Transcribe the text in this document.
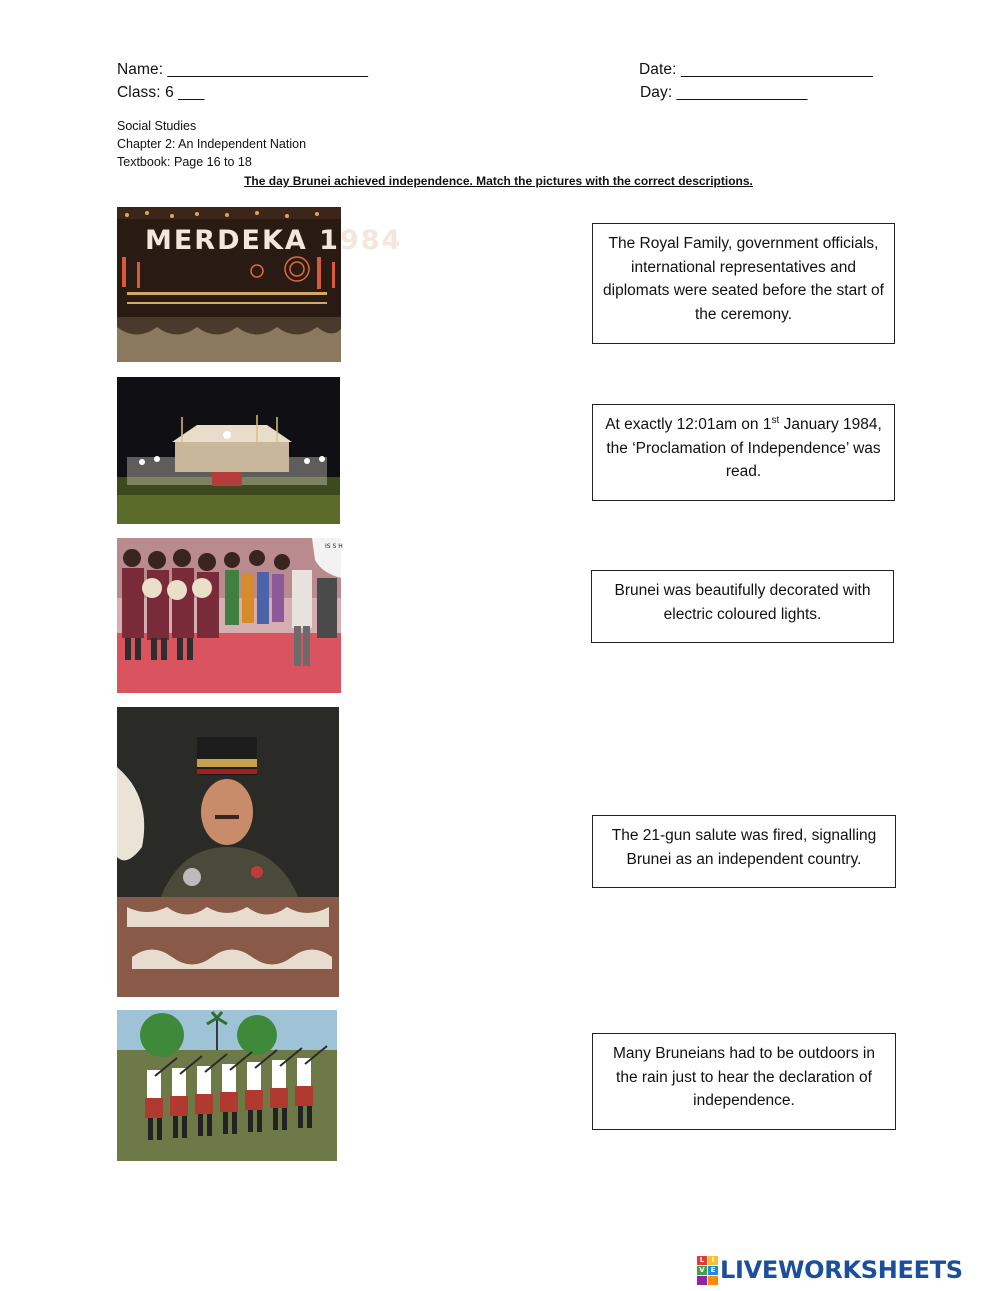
Name: _______________________	Date: ______________________
Class: 6 ___	Day: _______________
Social Studies
Chapter 2: An Independent Nation
Textbook: Page 16 to 18
The day Brunei achieved independence. Match the pictures with the correct descriptions.
MERDEKA 1984
IS S H
The Royal Family, government officials, international representatives and diplomats were seated before the start of the ceremony.
At exactly 12:01am on 1st January 1984, the ‘Proclamation of Independence’ was read.
Brunei was beautifully decorated with electric coloured lights.
The 21-gun salute was fired, signalling Brunei as an independent country.
Many Bruneians had to be outdoors in the rain just to hear the declaration of independence.
L	I
V E LIVEWORKSHEETS
